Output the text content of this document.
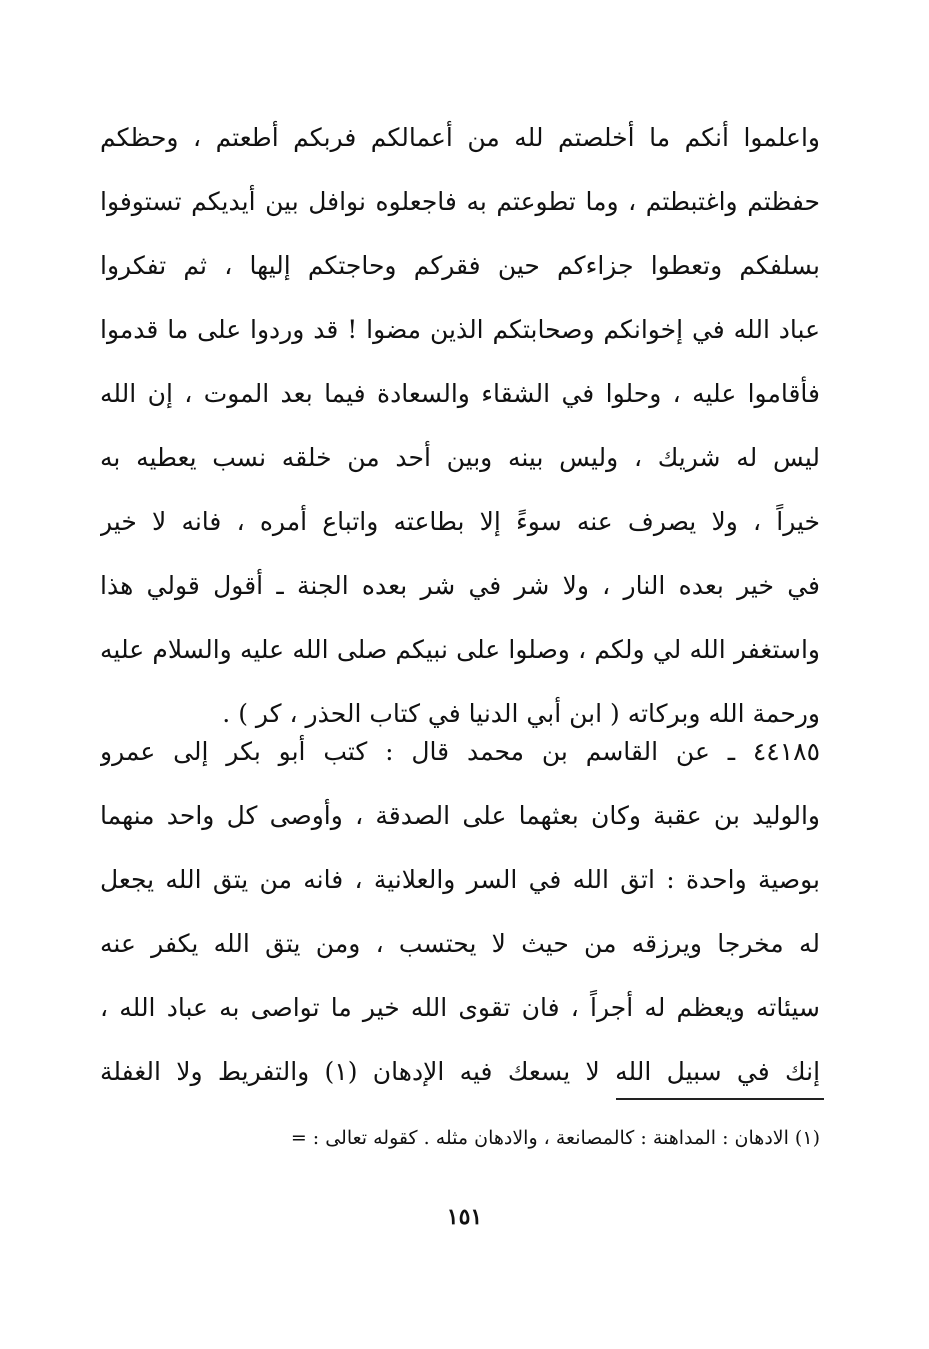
واعلموا أنكم ما أخلصتم لله من أعمالكم فربكم أطعتم ، وحظكم
حفظتم واغتبطتم ، وما تطوعتم به فاجعلوه نوافل بين أيديكم تستوفوا
بسلفكم وتعطوا جزاءكم حين فقركم وحاجتكم إليها ، ثم تفكروا
عباد الله في إخوانكم وصحابتكم الذين مضوا ! قد وردوا على ما قدموا
فأقاموا عليه ، وحلوا في الشقاء والسعادة فيما بعد الموت ، إن الله
ليس له شريك ، وليس بينه وبين أحد من خلقه نسب يعطيه به
خيراً ، ولا يصرف عنه سوءً إلا بطاعته واتباع أمره ، فانه لا خير
في خير بعده النار ، ولا شر في شر بعده الجنة ـ أقول قولي هذا
واستغفر الله لي ولكم ، وصلوا على نبيكم صلى الله عليه والسلام عليه
ورحمة الله وبركاته ( ابن أبي الدنيا في كتاب الحذر ، كر ) .
٤٤١٨٥ ـ عن القاسم بن محمد قال : كتب أبو بكر إلى عمرو
والوليد بن عقبة وكان بعثهما على الصدقة ، وأوصى كل واحد منهما
بوصية واحدة : اتق الله في السر والعلانية ، فانه من يتق الله يجعل
له مخرجا ويرزقه من حيث لا يحتسب ، ومن يتق الله يكفر عنه
سيئاته ويعظم له أجراً ، فان تقوى الله خير ما تواصى به عباد الله ،
إنك في سبيل الله لا يسعك فيه الإدهان (١) والتفريط ولا الغفلة
(١) الادهان : المداهنة : كالمصانعة ، والادهان مثله . كقوله تعالى : =
١٥١
